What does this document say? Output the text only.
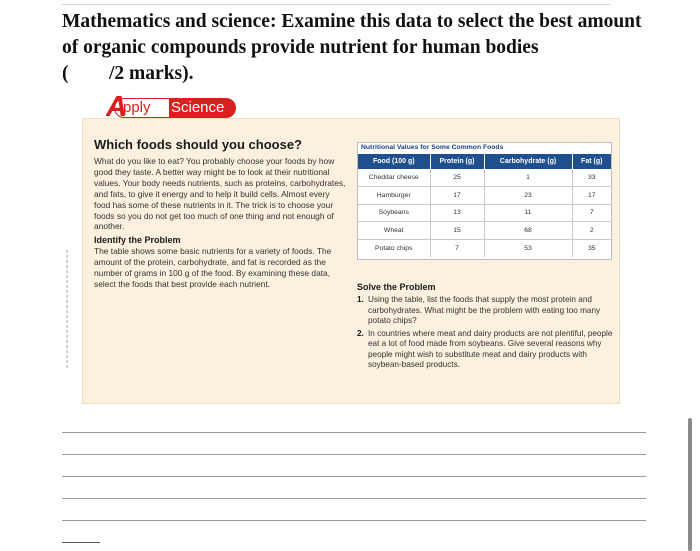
Mathematics and science: Examine this data to select the best amount of organic compounds provide nutrient for human bodies
( /2 marks).
A
pply Science
Which foods should you choose?
What do you like to eat? You probably choose your foods by how good they taste. A better way might be to look at their nutritional values. Your body needs nutrients, such as proteins, carbohydrates, and fats, to give it energy and to help it build cells. Almost every food has some of these nutrients in it. The trick is to choose your foods so you do not get too much of one thing and not enough of another.
Identify the Problem
The table shows some basic nutrients for a variety of foods. The amount of the protein, carbohydrate, and fat is recorded as the number of grams in 100 g of the food. By examining these data, select the foods that best provide each nutrient.
Nutritional Values for Some Common Foods
Food (100 g)	Protein (g)	Carbohydrate (g)	Fat (g)
Cheddar cheese	25	1	33
Hamburger	17	23	17
Soybeans	13	11	7
Wheat	15	68	2
Potato chips	7	53	35
Solve the Problem
1. Using the table, list the foods that supply the most protein and carbohydrates. What might be the problem with eating too many potato chips?
2. In countries where meat and dairy products are not plentiful, people eat a lot of food made from soybeans. Give several reasons why people might wish to substitute meat and dairy products with soybean-based products.
